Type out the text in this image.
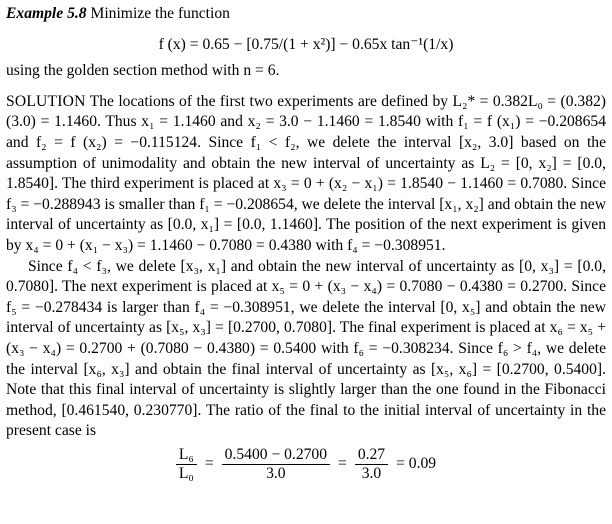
Example 5.8 Minimize the function

f (x) = 0.65 − [0.75/(1 + x²)] − 0.65x tan⁻¹(1/x)

using the golden section method with n = 6.

SOLUTION The locations of the first two experiments are defined by L₂* = 0.382L₀ = (0.382)(3.0) = 1.1460. Thus x₁ = 1.1460 and x₂ = 3.0 − 1.1460 = 1.8540 with f₁ = f (x₁) = −0.208654 and f₂ = f (x₂) = −0.115124. Since f₁ < f₂, we delete the interval [x₂, 3.0] based on the assumption of unimodality and obtain the new interval of uncertainty as L₂ = [0, x₂] = [0.0, 1.8540]. The third experiment is placed at x₃ = 0 + (x₂ − x₁) = 1.8540 − 1.1460 = 0.7080. Since f₃ = −0.288943 is smaller than f₁ = −0.208654, we delete the interval [x₁, x₂] and obtain the new interval of uncertainty as [0.0, x₁] = [0.0, 1.1460]. The position of the next experiment is given by x₄ = 0 + (x₁ − x₃) = 1.1460 − 0.7080 = 0.4380 with f₄ = −0.308951.

Since f₄ < f₃, we delete [x₃, x₁] and obtain the new interval of uncertainty as [0, x₃] = [0.0, 0.7080]. The next experiment is placed at x₅ = 0 + (x₃ − x₄) = 0.7080 − 0.4380 = 0.2700. Since f₅ = −0.278434 is larger than f₄ = −0.308951, we delete the interval [0, x₅] and obtain the new interval of uncertainty as [x₅, x₃] = [0.2700, 0.7080]. The final experiment is placed at x₆ = x₅ + (x₃ − x₄) = 0.2700 + (0.7080 − 0.4380) = 0.5400 with f₆ = −0.308234. Since f₆ > f₄, we delete the interval [x₆, x₃] and obtain the final interval of uncertainty as [x₅, x₆] = [0.2700, 0.5400]. Note that this final interval of uncertainty is slightly larger than the one found in the Fibonacci method, [0.461540, 0.230770]. The ratio of the final to the initial interval of uncertainty in the present case is

$\frac{\text{L₆}}{\text{L₀}} = \frac{0.5400 - 0.2700}{3.0} = \frac{0.27}{3.0} = 0.09$
